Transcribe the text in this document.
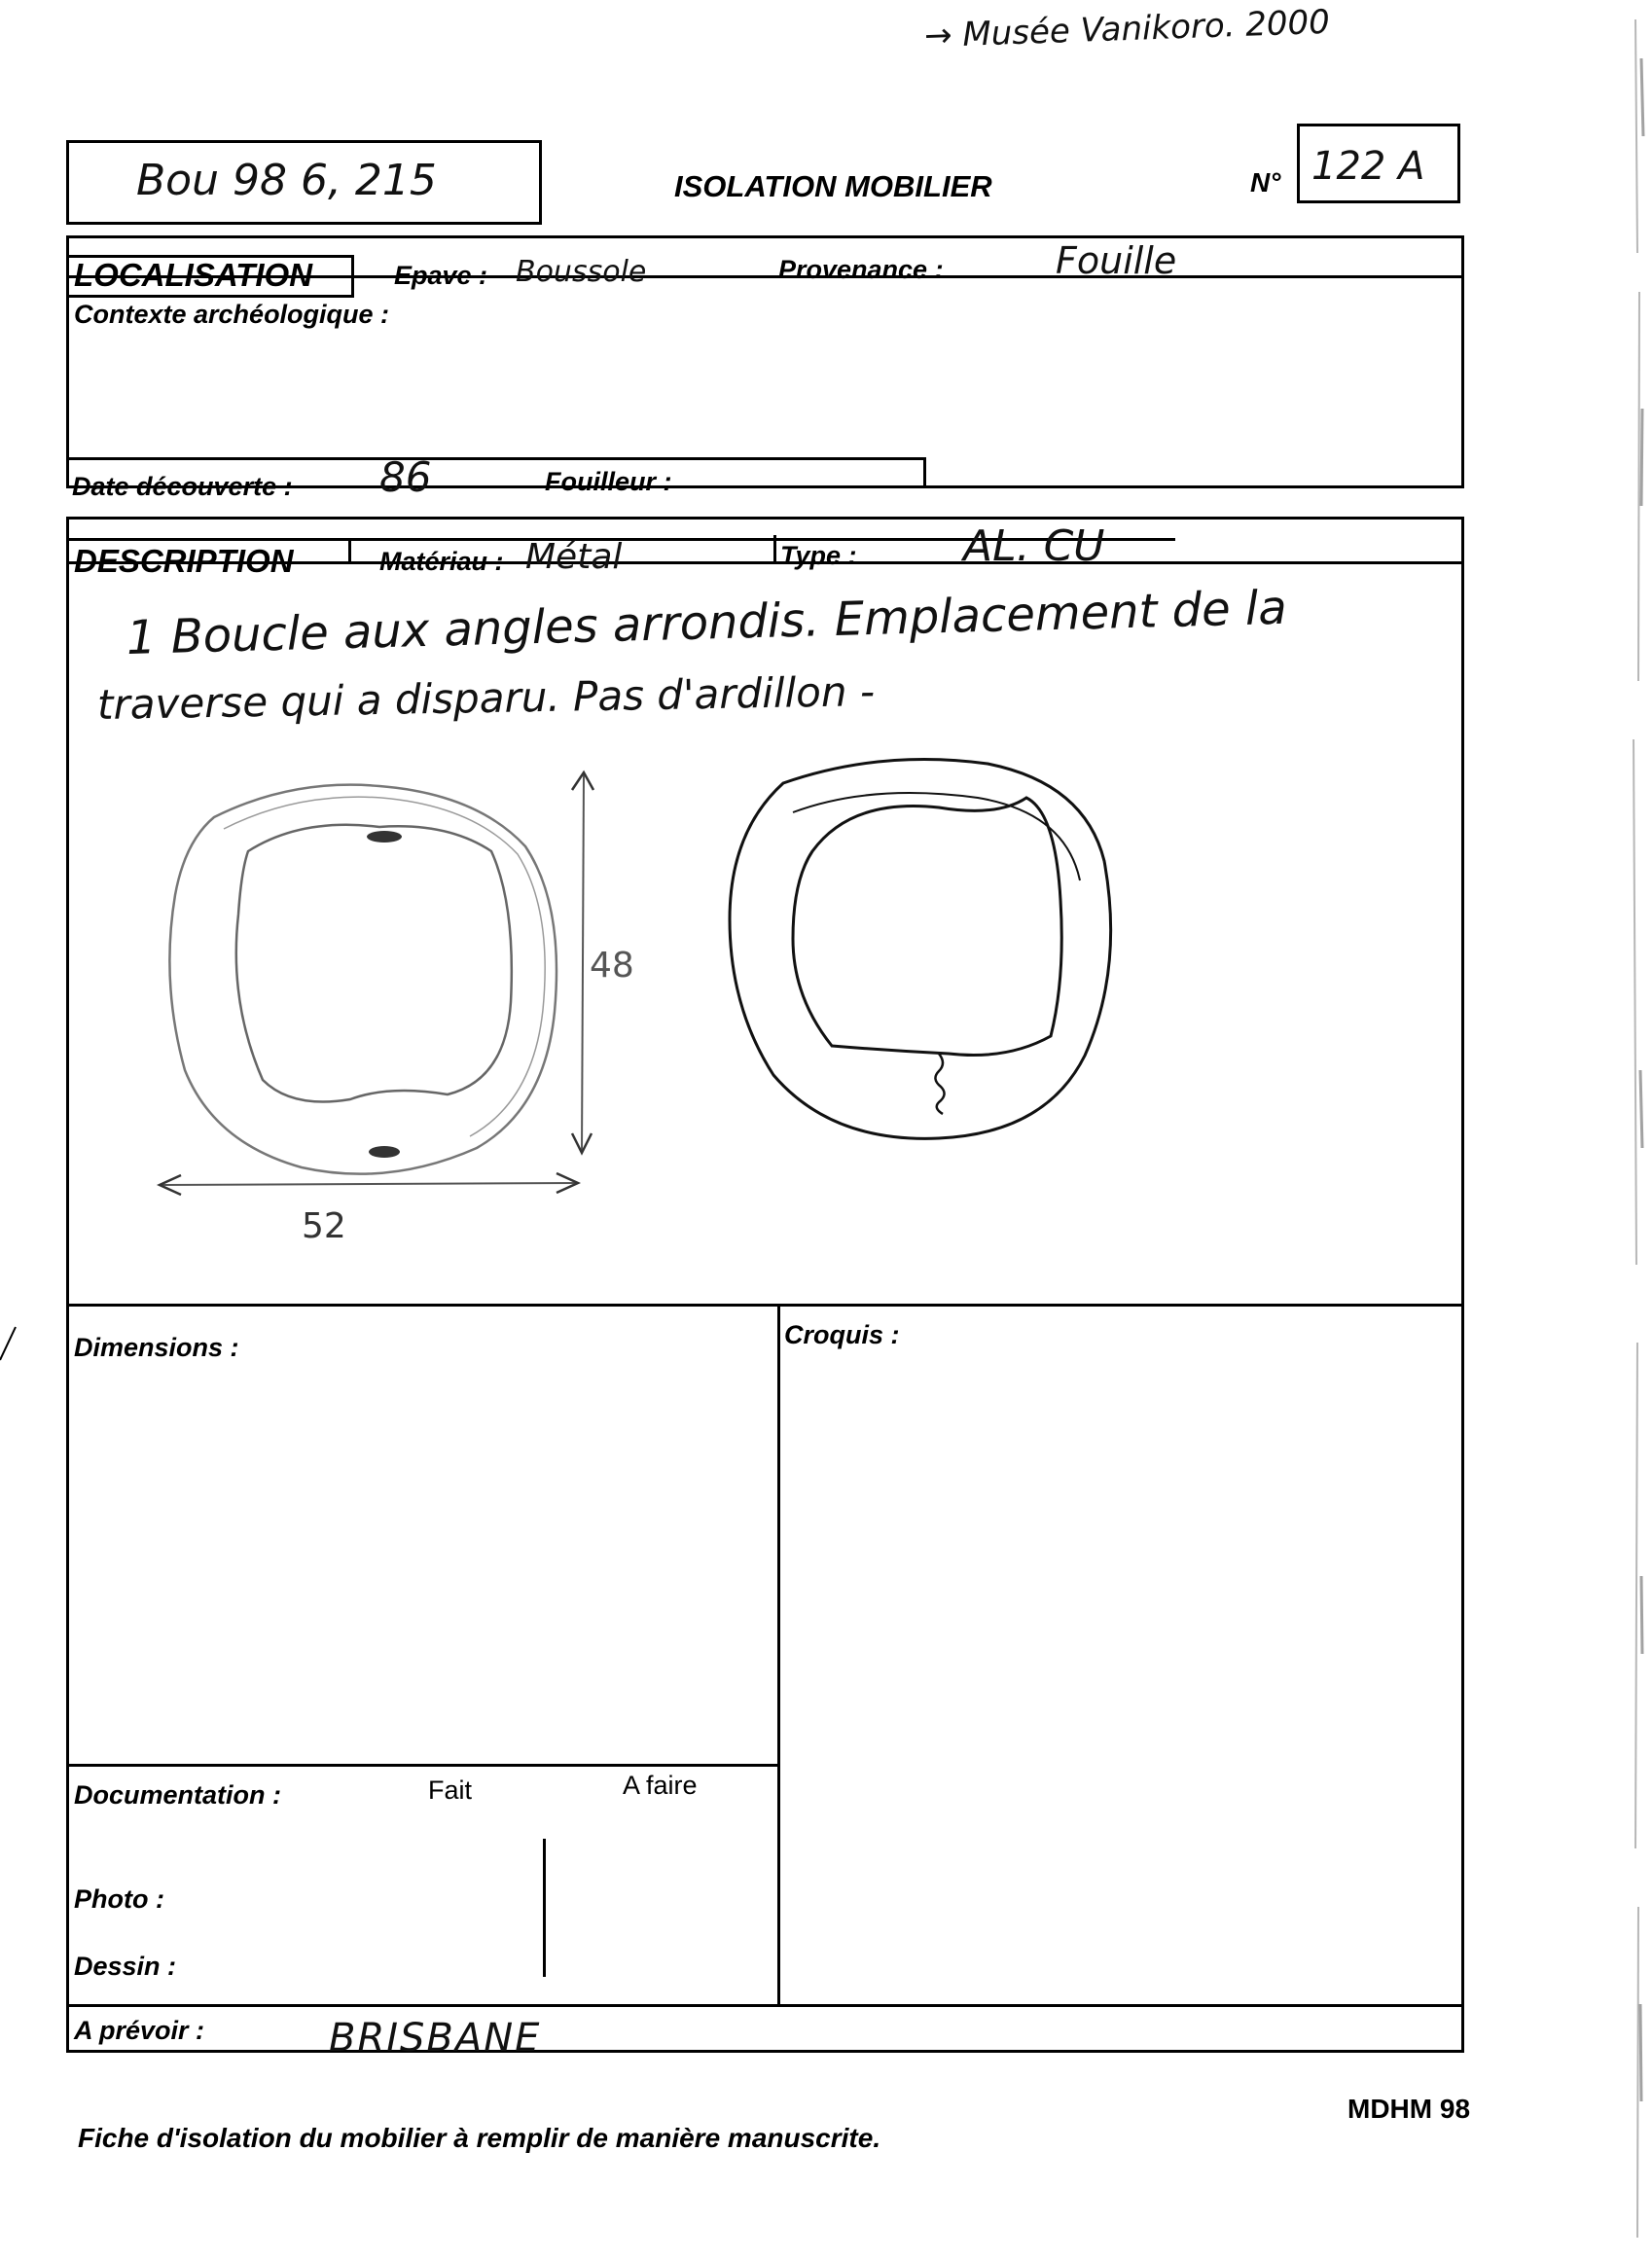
→ Musée Vanikoro. 2000
Bou 98 6, 215	ISOLATION MOBILIER	N° 122 A
LOCALISATION	Epave : Boussole	Provenance :	Fouille
Contexte archéologique :
Date découverte : 86	Fouilleur :
DESCRIPTION	Matériau : Métal	Type : AL. CU
1 Boucle aux angles arrondis. Emplacement de la
traverse qui a disparu. Pas d'ardillon -
48
52
Dimensions :	Croquis :
Documentation :	Fait	A faire
Photo :
Dessin :
A prévoir :	BRISBANE
Fiche d'isolation du mobilier à remplir de manière manuscrite.
MDHM 98
